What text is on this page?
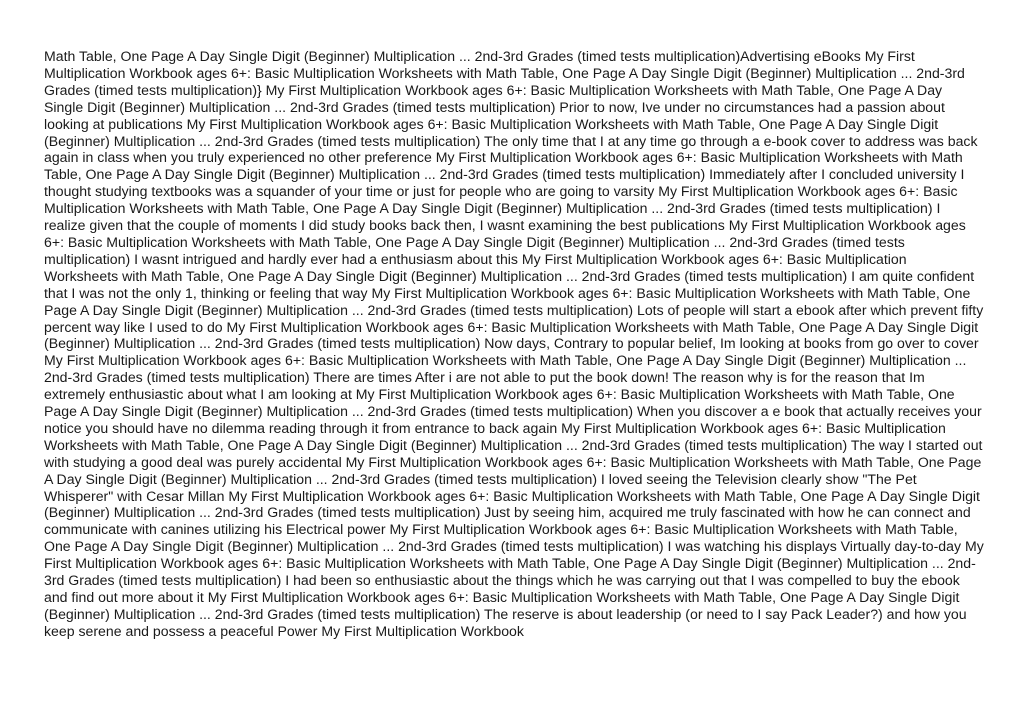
Math Table, One Page A Day Single Digit (Beginner) Multiplication ... 2nd-3rd Grades (timed tests multiplication)Advertising eBooks My First Multiplication Workbook ages 6+: Basic Multiplication Worksheets with Math Table, One Page A Day Single Digit (Beginner) Multiplication ... 2nd-3rd Grades (timed tests multiplication)} My First Multiplication Workbook ages 6+: Basic Multiplication Worksheets with Math Table, One Page A Day Single Digit (Beginner) Multiplication ... 2nd-3rd Grades (timed tests multiplication) Prior to now, Ive under no circumstances had a passion about looking at publications My First Multiplication Workbook ages 6+: Basic Multiplication Worksheets with Math Table, One Page A Day Single Digit (Beginner) Multiplication ... 2nd-3rd Grades (timed tests multiplication) The only time that I at any time go through a e-book cover to address was back again in class when you truly experienced no other preference My First Multiplication Workbook ages 6+: Basic Multiplication Worksheets with Math Table, One Page A Day Single Digit (Beginner) Multiplication ... 2nd-3rd Grades (timed tests multiplication) Immediately after I concluded university I thought studying textbooks was a squander of your time or just for people who are going to varsity My First Multiplication Workbook ages 6+: Basic Multiplication Worksheets with Math Table, One Page A Day Single Digit (Beginner) Multiplication ... 2nd-3rd Grades (timed tests multiplication) I realize given that the couple of moments I did study books back then, I wasnt examining the best publications My First Multiplication Workbook ages 6+: Basic Multiplication Worksheets with Math Table, One Page A Day Single Digit (Beginner) Multiplication ... 2nd-3rd Grades (timed tests multiplication) I wasnt intrigued and hardly ever had a enthusiasm about this My First Multiplication Workbook ages 6+: Basic Multiplication Worksheets with Math Table, One Page A Day Single Digit (Beginner) Multiplication ... 2nd-3rd Grades (timed tests multiplication) I am quite confident that I was not the only 1, thinking or feeling that way My First Multiplication Workbook ages 6+: Basic Multiplication Worksheets with Math Table, One Page A Day Single Digit (Beginner) Multiplication ... 2nd-3rd Grades (timed tests multiplication) Lots of people will start a ebook after which prevent fifty percent way like I used to do My First Multiplication Workbook ages 6+: Basic Multiplication Worksheets with Math Table, One Page A Day Single Digit (Beginner) Multiplication ... 2nd-3rd Grades (timed tests multiplication) Now days, Contrary to popular belief, Im looking at books from go over to cover My First Multiplication Workbook ages 6+: Basic Multiplication Worksheets with Math Table, One Page A Day Single Digit (Beginner) Multiplication ... 2nd-3rd Grades (timed tests multiplication) There are times After i are not able to put the book down! The reason why is for the reason that Im extremely enthusiastic about what I am looking at My First Multiplication Workbook ages 6+: Basic Multiplication Worksheets with Math Table, One Page A Day Single Digit (Beginner) Multiplication ... 2nd-3rd Grades (timed tests multiplication) When you discover a e book that actually receives your notice you should have no dilemma reading through it from entrance to back again My First Multiplication Workbook ages 6+: Basic Multiplication Worksheets with Math Table, One Page A Day Single Digit (Beginner) Multiplication ... 2nd-3rd Grades (timed tests multiplication) The way I started out with studying a good deal was purely accidental My First Multiplication Workbook ages 6+: Basic Multiplication Worksheets with Math Table, One Page A Day Single Digit (Beginner) Multiplication ... 2nd-3rd Grades (timed tests multiplication) I loved seeing the Television clearly show "The Pet Whisperer" with Cesar Millan My First Multiplication Workbook ages 6+: Basic Multiplication Worksheets with Math Table, One Page A Day Single Digit (Beginner) Multiplication ... 2nd-3rd Grades (timed tests multiplication) Just by seeing him, acquired me truly fascinated with how he can connect and communicate with canines utilizing his Electrical power My First Multiplication Workbook ages 6+: Basic Multiplication Worksheets with Math Table, One Page A Day Single Digit (Beginner) Multiplication ... 2nd-3rd Grades (timed tests multiplication) I was watching his displays Virtually day-to-day My First Multiplication Workbook ages 6+: Basic Multiplication Worksheets with Math Table, One Page A Day Single Digit (Beginner) Multiplication ... 2nd-3rd Grades (timed tests multiplication) I had been so enthusiastic about the things which he was carrying out that I was compelled to buy the ebook and find out more about it My First Multiplication Workbook ages 6+: Basic Multiplication Worksheets with Math Table, One Page A Day Single Digit (Beginner) Multiplication ... 2nd-3rd Grades (timed tests multiplication) The reserve is about leadership (or need to I say Pack Leader?) and how you keep serene and possess a peaceful Power My First Multiplication Workbook
